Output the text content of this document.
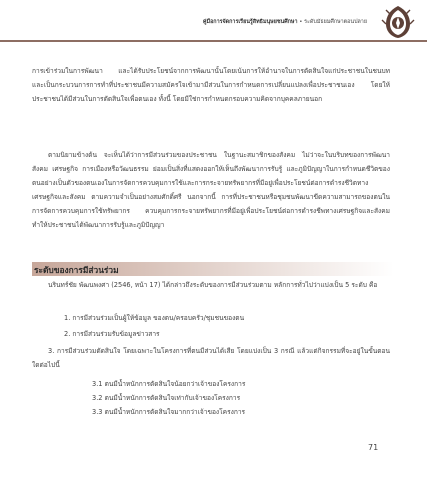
คู่มือการจัดการเรียนรู้สิทธิมนุษยชนศึกษา • ระดับมัธยมศึกษาตอนปลาย

การเข้าร่วมในการพัฒนา และได้รับประโยชน์จากการพัฒนานั้นโดยเน้นการให้อำนาจในการตัดสินใจแก่ประชาชนในชนบท และเป็นกระบวนการการทำที่ประชาชนมีความสมัครใจเข้ามามีส่วนในการกำหนดการเปลี่ยนแปลงเพื่อประชาชนเอง โดยให้ประชาชนได้มีส่วนในการตัดสินใจเพื่อตนเอง ทั้งนี้ โดยมีใช่การกำหนดกรอบความคิดจากบุคคลภายนอก

ตามนิยามข้างต้น จะเห็นได้ว่าการมีส่วนร่วมของประชาชน ในฐานะสมาชิกของสังคม ไม่ว่าจะในบริบทของการพัฒนาสังคม เศรษฐกิจ การเมืองหรือวัฒนธรรม ย่อมเป็นสิ่งที่แสดงออกให้เห็นถึงพัฒนาการรับรู้ และภูมิปัญญาในการกำหนดชีวิตของตนอย่างเป็นตัวของตนเองในการจัดการควบคุมการใช้และการกระจายทรัพยากรที่มีอยู่เพื่อประโยชน์ต่อการดำรงชีวิตทางเศรษฐกิจและสังคม ตามความจำเป็นอย่างสมศักดิ์ศรี นอกจากนี้ การที่ประชาชนหรือชุมชนพัฒนาขีดความสามารถของตนในการจัดการควบคุมการใช้ทรัพยากร ควบคุมการกระจายทรัพยากรที่มีอยู่เพื่อประโยชน์ต่อการดำรงชีพทางเศรษฐกิจและสังคม ทำให้ประชาชนได้พัฒนาการรับรู้และภูมิปัญญา

ระดับของการมีส่วนร่วม

นรินทร์ชัย พัฒนพงศา (2546, หน้า 17) ได้กล่าวถึงระดับของการมีส่วนร่วมตาม หลักการทั่วไปว่าแบ่งเป็น 5 ระดับ คือ

1. การมีส่วนร่วมเป็นผู้ให้ข้อมูล ของตน/ครอบครัว/ชุมชนของตน
2. การมีส่วนร่วมรับข้อมูลข่าวสาร

3. การมีส่วนร่วมตัดสินใจ โดยเฉพาะในโครงการที่ตนมีส่วนได้เสีย โดยแบ่งเป็น 3 กรณี แล้วแต่กิจกรรมที่จะอยู่ในขั้นตอนใดต่อไปนี้

3.1 ตนมีน้ำหนักการตัดสินใจน้อยกว่าเจ้าของโครงการ
3.2 ตนมีน้ำหนักการตัดสินใจเท่ากับเจ้าของโครงการ
3.3 ตนมีน้ำหนักการตัดสินใจมากกว่าเจ้าของโครงการ
71
